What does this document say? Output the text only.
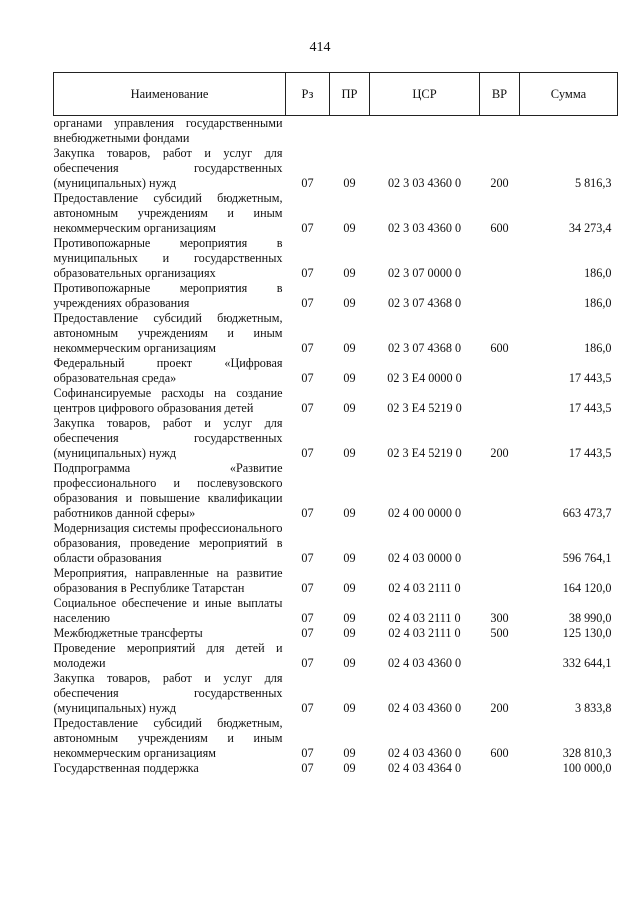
414
Наименование	Рз	ПР	ЦСР	ВР	Сумма
органами управления государственными внебюджетными фондами					
Закупка товаров, работ и услуг для обеспечения государственных (муниципальных) нужд	07	09	02 3 03 4360 0	200	5 816,3
Предоставление субсидий бюджетным, автономным учреждениям и иным некоммерческим организациям	07	09	02 3 03 4360 0	600	34 273,4
Противопожарные мероприятия в муниципальных и государственных образовательных организациях	07	09	02 3 07 0000 0		186,0
Противопожарные мероприятия в учреждениях образования	07	09	02 3 07 4368 0		186,0
Предоставление субсидий бюджетным, автономным учреждениям и иным некоммерческим организациям	07	09	02 3 07 4368 0	600	186,0
Федеральный проект «Цифровая образовательная среда»	07	09	02 3 E4 0000 0		17 443,5
Софинансируемые расходы на создание центров цифрового образования детей	07	09	02 3 E4 5219 0		17 443,5
Закупка товаров, работ и услуг для обеспечения государственных (муниципальных) нужд	07	09	02 3 E4 5219 0	200	17 443,5
Подпрограмма «Развитие профессионального и послевузовского образования и повышение квалификации работников данной сферы»	07	09	02 4 00 0000 0		663 473,7
Модернизация системы профессионального образования, проведение мероприятий в области образования	07	09	02 4 03 0000 0		596 764,1
Мероприятия, направленные на развитие образования в Республике Татарстан	07	09	02 4 03 2111 0		164 120,0
Социальное обеспечение и иные выплаты населению	07	09	02 4 03 2111 0	300	38 990,0
Межбюджетные трансферты	07	09	02 4 03 2111 0	500	125 130,0
Проведение мероприятий для детей и молодежи	07	09	02 4 03 4360 0		332 644,1
Закупка товаров, работ и услуг для обеспечения государственных (муниципальных) нужд	07	09	02 4 03 4360 0	200	3 833,8
Предоставление субсидий бюджетным, автономным учреждениям и иным некоммерческим организациям	07	09	02 4 03 4360 0	600	328 810,3
Государственная поддержка	07	09	02 4 03 4364 0		100 000,0
